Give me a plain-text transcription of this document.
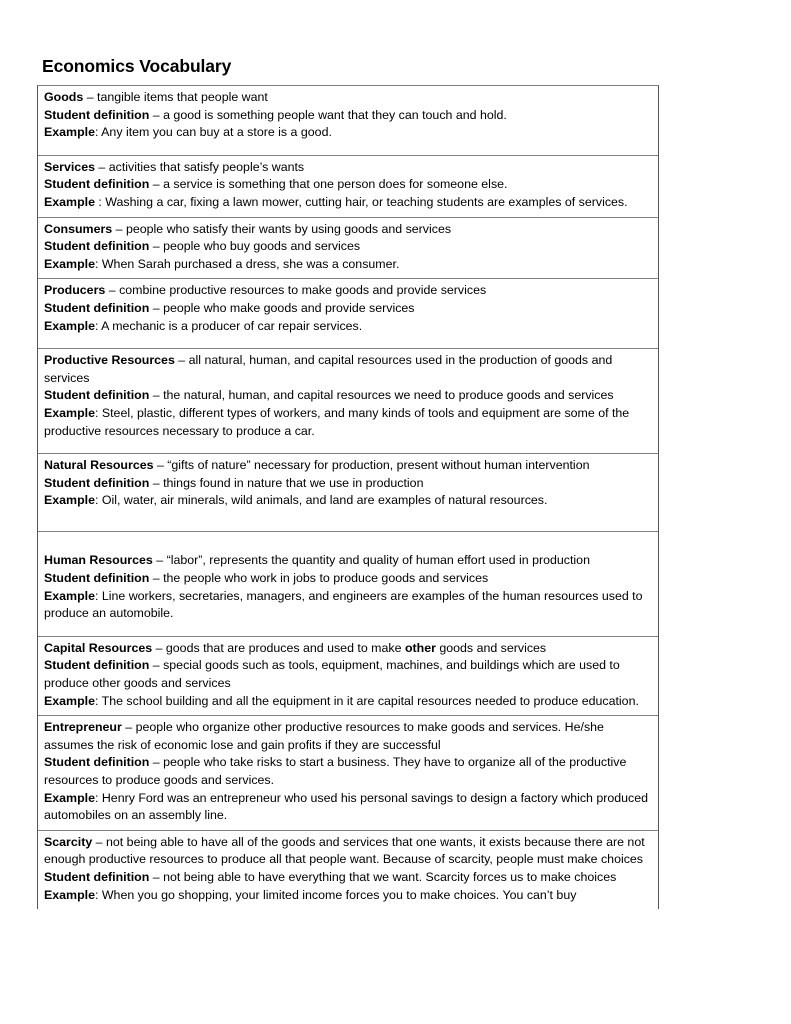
Economics Vocabulary
Goods – tangible items that people want
Student definition – a good is something people want that they can touch and hold.
Example: Any item you can buy at a store is a good.
Services – activities that satisfy people’s wants
Student definition – a service is something that one person does for someone else.
Example : Washing a car, fixing a lawn mower, cutting hair, or teaching students are examples of services.
Consumers – people who satisfy their wants by using goods and services
Student definition – people who buy goods and services
Example: When Sarah purchased a dress, she was a consumer.
Producers – combine productive resources to make goods and provide services
Student definition – people who make goods and provide services
Example: A mechanic is a producer of car repair services.
Productive Resources – all natural, human, and capital resources used in the production of goods and services
Student definition – the natural, human, and capital resources we need to produce goods and services
Example: Steel, plastic, different types of workers, and many kinds of tools and equipment are some of the productive resources necessary to produce a car.
Natural Resources – “gifts of nature” necessary for production, present without human intervention
Student definition – things found in nature that we use in production
Example: Oil, water, air minerals, wild animals, and land are examples of natural resources.

Human Resources – “labor”, represents the quantity and quality of human effort used in production
Student definition – the people who work in jobs to produce goods and services
Example: Line workers, secretaries, managers, and engineers are examples of the human resources used to produce an automobile.
Capital Resources – goods that are produces and used to make other goods and services
Student definition – special goods such as tools, equipment, machines, and buildings which are used to produce other goods and services
Example: The school building and all the equipment in it are capital resources needed to produce education.
Entrepreneur – people who organize other productive resources to make goods and services. He/she assumes the risk of economic lose and gain profits if they are successful
Student definition – people who take risks to start a business. They have to organize all of the productive resources to produce goods and services.
Example: Henry Ford was an entrepreneur who used his personal savings to design a factory which produced automobiles on an assembly line.
Scarcity – not being able to have all of the goods and services that one wants, it exists because there are not enough productive resources to produce all that people want. Because of scarcity, people must make choices
Student definition – not being able to have everything that we want. Scarcity forces us to make choices
Example: When you go shopping, your limited income forces you to make choices. You can’t buy
